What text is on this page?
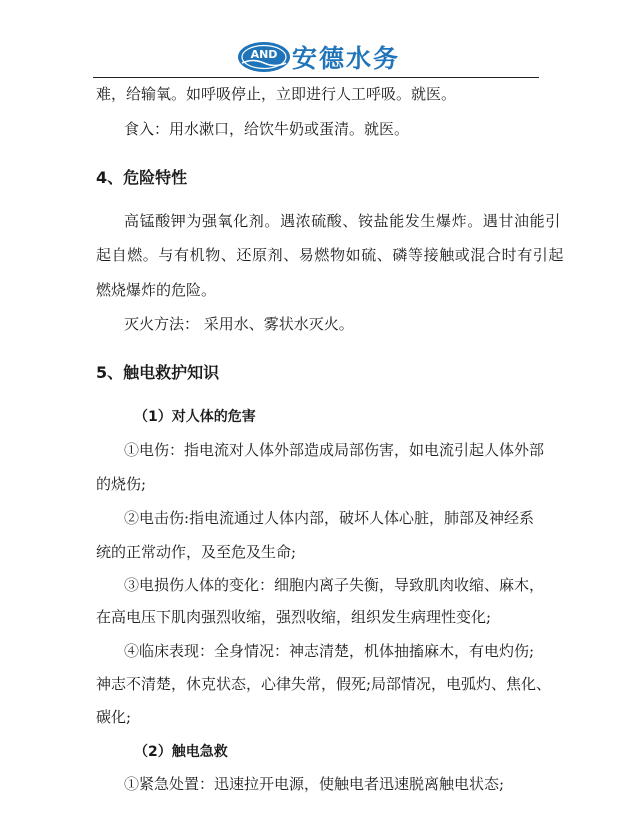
AND 安德水务
难，给输氧。如呼吸停止，立即进行人工呼吸。就医。
食入：用水漱口，给饮牛奶或蛋清。就医。
4、危险特性
高锰酸钾为强氧化剂。遇浓硫酸、铵盐能发生爆炸。遇甘油能引
起自燃。与有机物、还原剂、易燃物如硫、磷等接触或混合时有引起
燃烧爆炸的危险。
灭火方法： 采用水、雾状水灭火。
5、触电救护知识
（1）对人体的危害
①电伤：指电流对人体外部造成局部伤害，如电流引起人体外部
的烧伤;
②电击伤:指电流通过人体内部，破坏人体心脏，肺部及神经系
统的正常动作，及至危及生命;
③电损伤人体的变化：细胞内离子失衡，导致肌肉收缩、麻木，
在高电压下肌肉强烈收缩，强烈收缩，组织发生病理性变化;
④临床表现：全身情况：神志清楚，机体抽搐麻木，有电灼伤;
神志不清楚，休克状态，心律失常，假死;局部情况，电弧灼、焦化、
碳化;
（2）触电急救
①紧急处置：迅速拉开电源，使触电者迅速脱离触电状态;
